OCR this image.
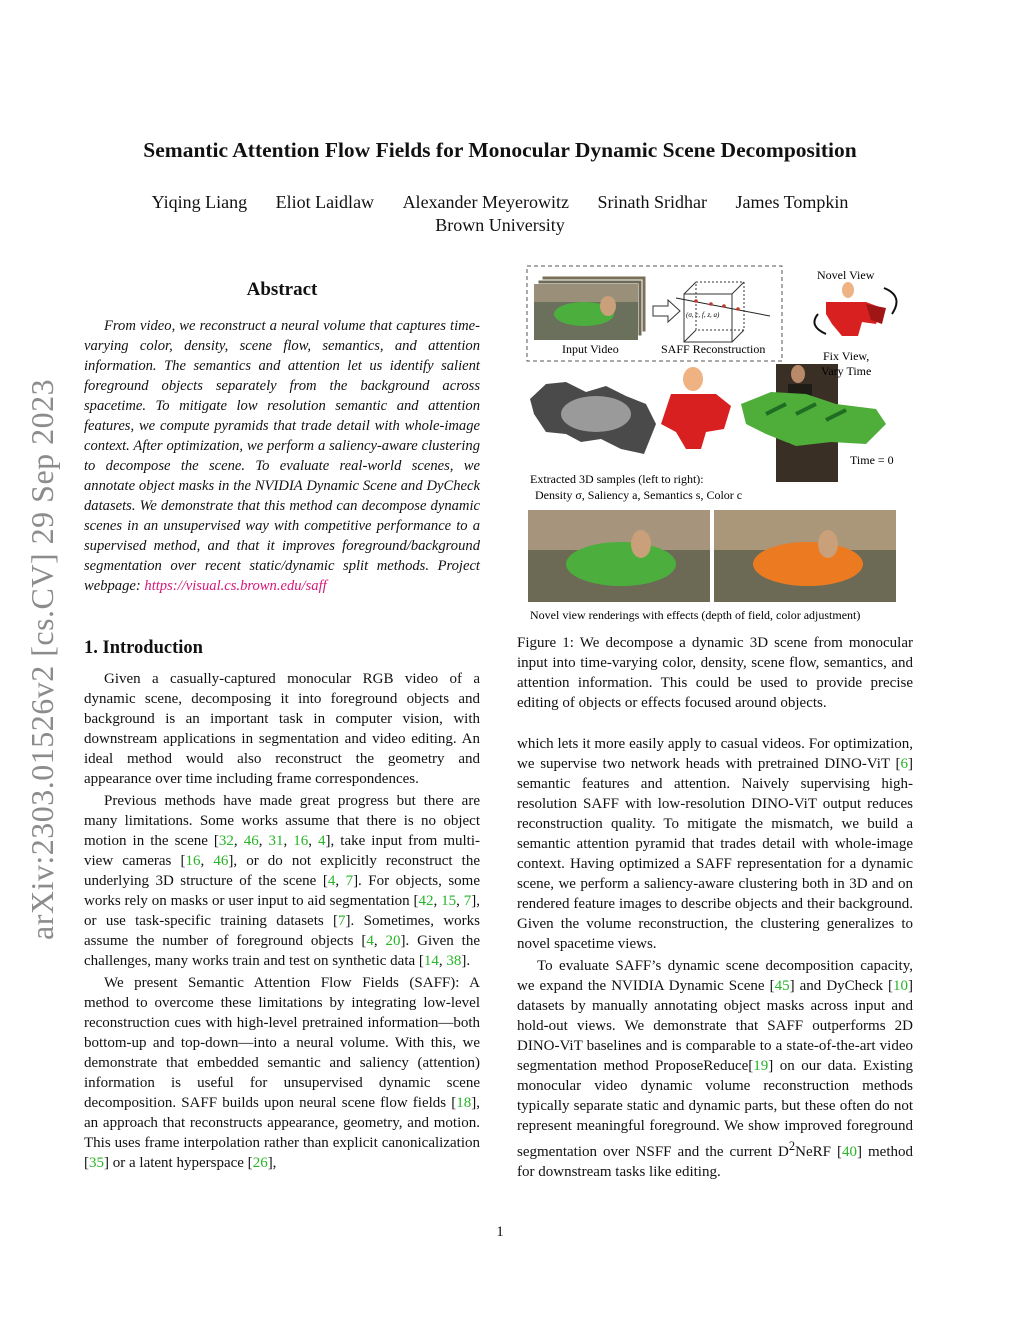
arXiv:2303.01526v2 [cs.CV] 29 Sep 2023
Semantic Attention Flow Fields for Monocular Dynamic Scene Decomposition
Yiqing Liang Eliot Laidlaw Alexander Meyerowitz Srinath Sridhar James Tompkin
Brown University
Abstract
From video, we reconstruct a neural volume that captures time-varying color, density, scene flow, semantics, and attention information. The semantics and attention let us identify salient foreground objects separately from the background across spacetime. To mitigate low resolution semantic and attention features, we compute pyramids that trade detail with whole-image context. After optimization, we perform a saliency-aware clustering to decompose the scene. To evaluate real-world scenes, we annotate object masks in the NVIDIA Dynamic Scene and DyCheck datasets. We demonstrate that this method can decompose dynamic scenes in an unsupervised way with competitive performance to a supervised method, and that it improves foreground/background segmentation over recent static/dynamic split methods. Project webpage: https://visual.cs.brown.edu/saff
1. Introduction

Given a casually-captured monocular RGB video of a dynamic scene, decomposing it into foreground objects and background is an important task in computer vision, with downstream applications in segmentation and video editing. An ideal method would also reconstruct the geometry and appearance over time including frame correspondences.

Previous methods have made great progress but there are many limitations. Some works assume that there is no object motion in the scene [32, 46, 31, 16, 4], take input from multi-view cameras [16, 46], or do not explicitly reconstruct the underlying 3D structure of the scene [4, 7]. For objects, some works rely on masks or user input to aid segmentation [42, 15, 7], or use task-specific training datasets [7]. Sometimes, works assume the number of foreground objects [4, 20]. Given the challenges, many works train and test on synthetic data [14, 38].

We present Semantic Attention Flow Fields (SAFF): A method to overcome these limitations by integrating low-level reconstruction cues with high-level pretrained information—both bottom-up and top-down—into a neural volume. With this, we demonstrate that embedded semantic and saliency (attention) information is useful for unsupervised dynamic scene decomposition. SAFF builds upon neural scene flow fields [18], an approach that reconstructs appearance, geometry, and motion. This uses frame interpolation rather than explicit canonicalization [35] or a latent hyperspace [26],

Input Video	SAFF Reconstruction
(σ, c, f, z, a)
Novel View
Fix View,
Vary Time
Time = 0
Extracted 3D samples (left to right):
Density σ, Saliency a, Semantics s, Color c
Novel view renderings with effects (depth of field, color adjustment)
Figure 1: We decompose a dynamic 3D scene from monocular input into time-varying color, density, scene flow, semantics, and attention information. This could be used to provide precise editing of objects or effects focused around objects.

which lets it more easily apply to casual videos. For optimization, we supervise two network heads with pretrained DINO-ViT [6] semantic features and attention. Naively supervising high-resolution SAFF with low-resolution DINO-ViT output reduces reconstruction quality. To mitigate the mismatch, we build a semantic attention pyramid that trades detail with whole-image context. Having optimized a SAFF representation for a dynamic scene, we perform a saliency-aware clustering both in 3D and on rendered feature images to describe objects and their background. Given the volume reconstruction, the clustering generalizes to novel spacetime views.

To evaluate SAFF’s dynamic scene decomposition capacity, we expand the NVIDIA Dynamic Scene [45] and DyCheck [10] datasets by manually annotating object masks across input and hold-out views. We demonstrate that SAFF outperforms 2D DINO-ViT baselines and is comparable to a state-of-the-art video segmentation method ProposeReduce[19] on our data. Existing monocular video dynamic volume reconstruction methods typically separate static and dynamic parts, but these often do not represent meaningful foreground. We show improved foreground segmentation over NSFF and the current $D^2NeRF$ [40] method for downstream tasks like editing.

1
